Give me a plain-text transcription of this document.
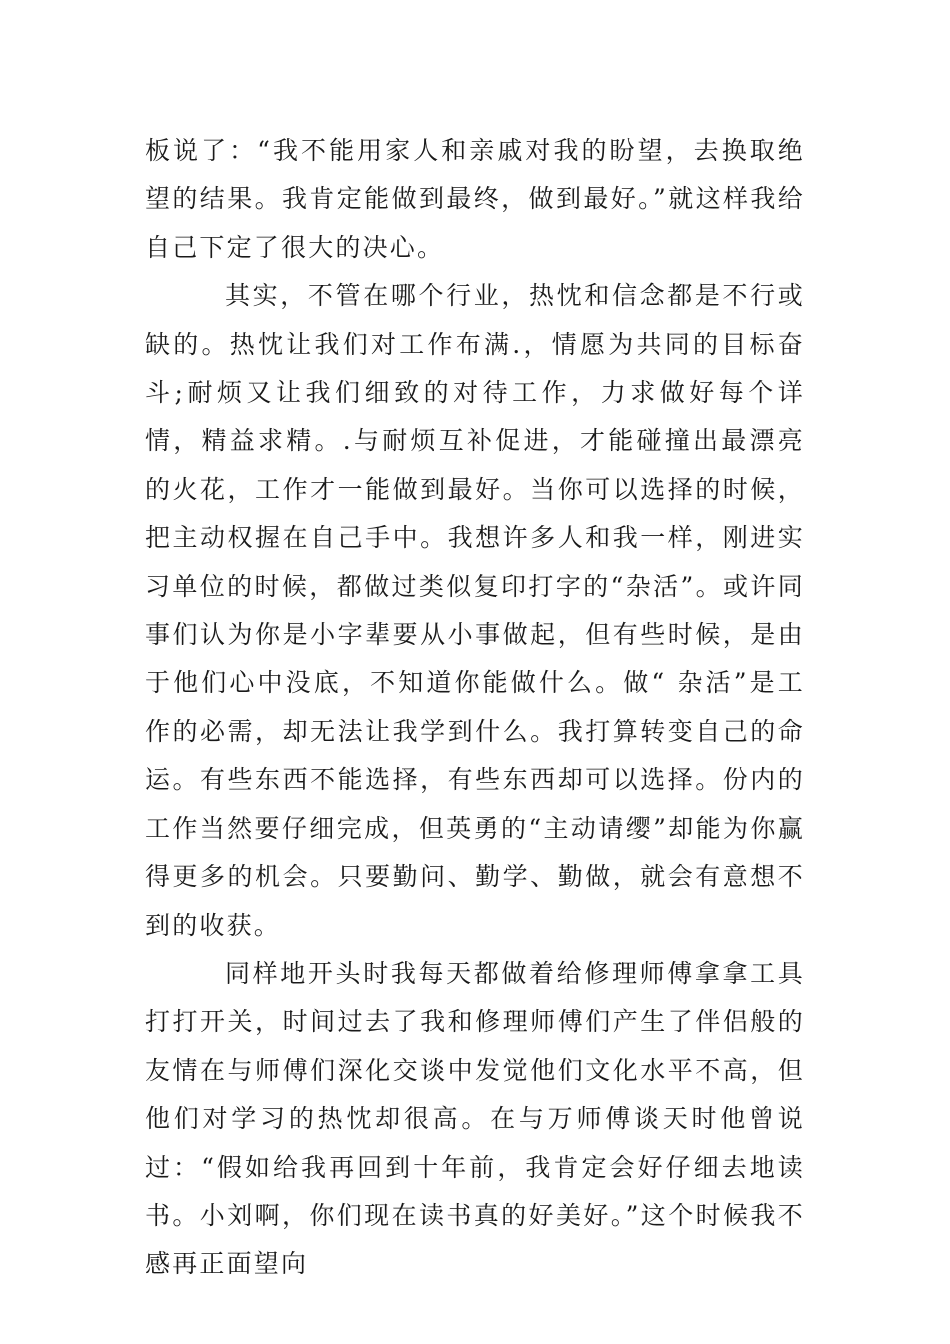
板说了：“我不能用家人和亲戚对我的盼望，去换取绝望的结果。我肯定能做到最终，做到最好。”就这样我给自己下定了很大的决心。

其实，不管在哪个行业，热忱和信念都是不行或缺的。热忱让我们对工作布满.，情愿为共同的目标奋斗;耐烦又让我们细致的对待工作，力求做好每个详情，精益求精。.与耐烦互补促进，才能碰撞出最漂亮的火花，工作才一能做到最好。当你可以选择的时候，把主动权握在自己手中。我想许多人和我一样，刚进实习单位的时候，都做过类似复印打字的“杂活”。或许同事们认为你是小字辈要从小事做起，但有些时候，是由于他们心中没底，不知道你能做什么。做“ 杂活”是工作的必需，却无法让我学到什么。我打算转变自己的命运。有些东西不能选择，有些东西却可以选择。份内的工作当然要仔细完成，但英勇的“主动请缨”却能为你赢得更多的机会。只要勤问、勤学、勤做，就会有意想不到的收获。

同样地开头时我每天都做着给修理师傅拿拿工具打打开关，时间过去了我和修理师傅们产生了伴侣般的友情在与师傅们深化交谈中发觉他们文化水平不高，但他们对学习的热忱却很高。在与万师傅谈天时他曾说过：“假如给我再回到十年前，我肯定会好仔细去地读书。小刘啊，你们现在读书真的好美好。”这个时候我不感再正面望向
